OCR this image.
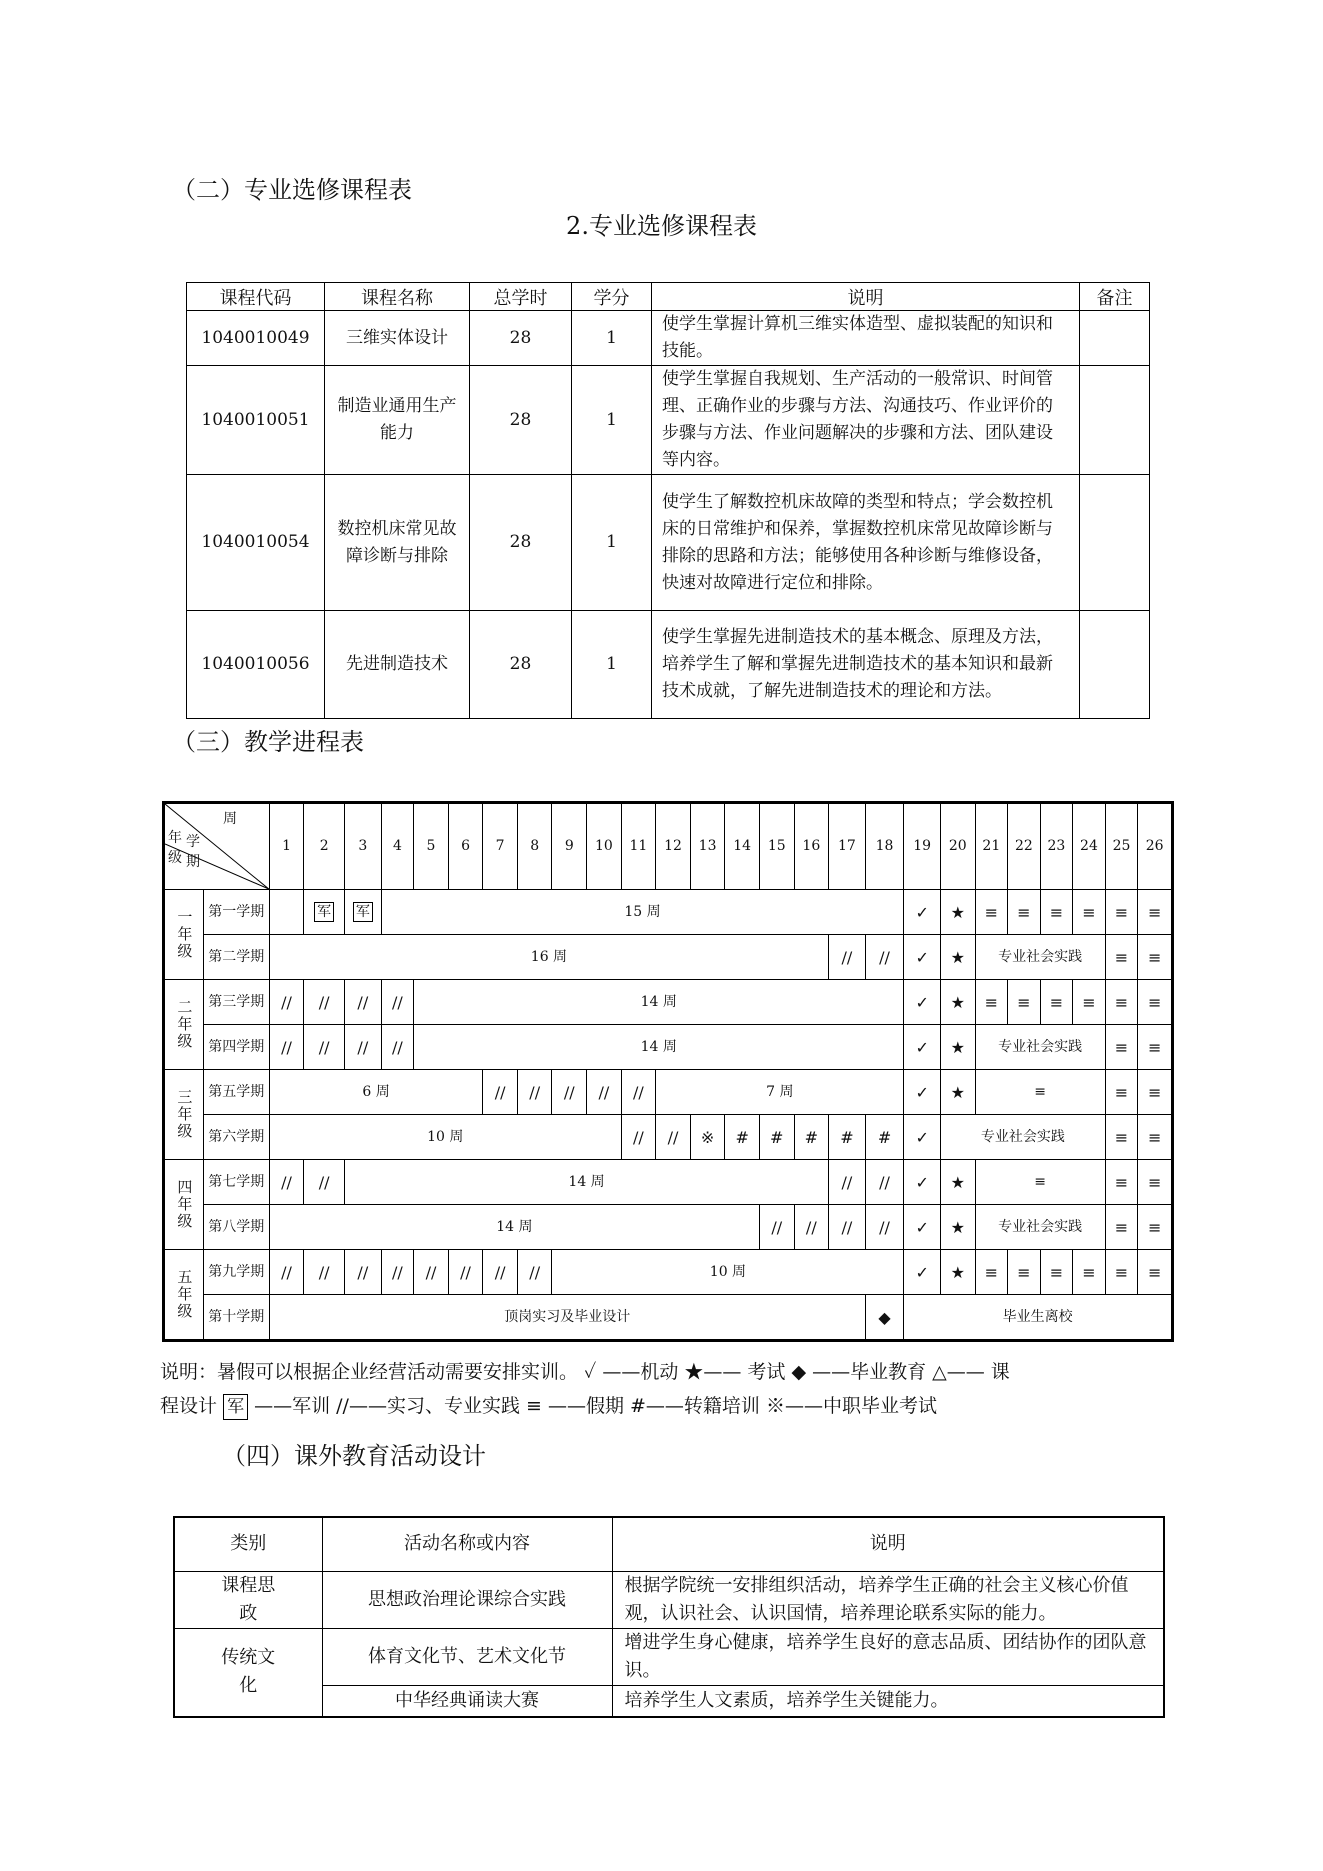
（二）专业选修课程表
2.专业选修课程表
课程代码	课程名称	总学时	学分	说明	备注
1040010049	三维实体设计	28	1	使学生掌握计算机三维实体造型、虚拟装配的知识和技能。	
1040010051	制造业通用生产能力	28	1	使学生掌握自我规划、生产活动的一般常识、时间管理、正确作业的步骤与方法、沟通技巧、作业评价的步骤与方法、作业问题解决的步骤和方法、团队建设等内容。	
1040010054	数控机床常见故障诊断与排除	28	1	使学生了解数控机床故障的类型和特点；学会数控机床的日常维护和保养，掌握数控机床常见故障诊断与排除的思路和方法；能够使用各种诊断与维修设备，快速对故障进行定位和排除。	
1040010056	先进制造技术	28	1	使学生掌握先进制造技术的基本概念、原理及方法，培养学生了解和掌握先进制造技术的基本知识和最新技术成就，了解先进制造技术的理论和方法。	
（三）教学进程表
周
年级
学期		1	2	3	4	5	6	7	8	9	10	11	12	13	14	15	16	17	18	19	20	21	22	23	24	25	26
一年级	第一学期		军	军	15 周															✓	★	≡	≡	≡	≡	≡	≡
	第二学期	16 周																//	//	✓	★	专业社会实践				≡	≡
二年级	第三学期	//	//	//	//	14 周														✓	★	≡	≡	≡	≡	≡	≡
	第四学期	//	//	//	//	14 周														✓	★	专业社会实践				≡	≡
三年级	第五学期	6 周						//	//	//	//	//	7 周							✓	★	≡				≡	≡
	第六学期	10 周										//	//	※	#	#	#	#	#	✓	专业社会实践					≡	≡
四年级	第七学期	//	//	14 周														//	//	✓	★	≡				≡	≡
	第八学期	14 周														//	//	//	//	✓	★	专业社会实践				≡	≡
五年级	第九学期	//	//	//	//	//	//	//	//	10 周										✓	★	≡	≡	≡	≡	≡	≡
	第十学期	顶岗实习及毕业设计																	◆	毕业生离校							
说明：暑假可以根据企业经营活动需要安排实训。 ✓ ——机动 ★—— 考试 ◆ ——毕业教育 △—— 课
程设计 军 ——军训 //——实习、专业实践 ≡ ——假期 #——转籍培训 ※——中职毕业考试
（四）课外教育活动设计
类别	活动名称或内容	说明
课程思政	思想政治理论课综合实践	根据学院统一安排组织活动，培养学生正确的社会主义核心价值观，认识社会、认识国情，培养理论联系实际的能力。
传统文化	体育文化节、艺术文化节	增进学生身心健康，培养学生良好的意志品质、团结协作的团队意识。
	中华经典诵读大赛	培养学生人文素质，培养学生关键能力。
